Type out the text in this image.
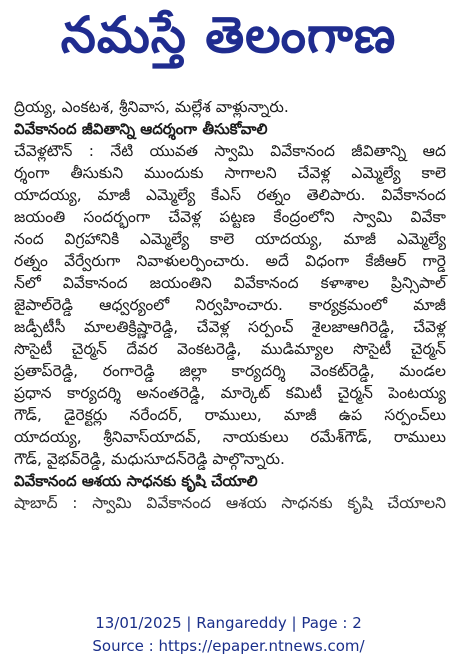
నమస్తే తెలంగాణ
ద్రియ్య, ఎంకటశ, శ్రీనివాస, మల్లేశ వాళ్లున్నారు.
వివేకానంద జీవితాన్ని ఆదర్శంగా తీసుకోవాలి
చేవెళ్లటౌన్ : నేటి యువత స్వామి వివేకానంద జీవితాన్ని ఆద
ర్శంగా తీసుకుని ముందుకు సాగాలని చేవెళ్ల ఎమ్మెల్యే కాలె
యాదయ్య, మాజీ ఎమ్మెల్యే కేఎస్ రత్నం తెలిపారు. వివేకానంద
జయంతి సందర్భంగా చేవెళ్ల పట్టణ కేంద్రంలోని స్వామి వివేకా
నంద విగ్రహానికి ఎమ్మెల్యే కాలె యాదయ్య, మాజీ ఎమ్మెల్యే
రత్నం వేర్వేరుగా నివాళులర్పించారు. అదే విధంగా కేజీఆర్ గార్డె
న్‌లో వివేకానంద జయంతిని వివేకానంద కళాశాల ప్రిన్సిపాల్
జైపాల్‌రెడ్డి ఆధ్వర్యంలో నిర్వహించారు. కార్యక్రమంలో మాజీ
జడ్పీటీసీ మాలతిక్రిష్ణారెడ్డి, చేవెళ్ల సర్పంచ్ శైలజాఆగిరెడ్డి, చేవెళ్ల
సొసైటీ చైర్మన్ దేవర వెంకటరెడ్డి, ముడిమ్యాల సొసైటీ చైర్మన్
ప్రతాప్‌రెడ్డి, రంగారెడ్డి జిల్లా కార్యదర్శి వెంకట్‌రెడ్డి, మండల
ప్రధాన కార్యదర్శి అనంతరెడ్డి, మార్కెట్ కమిటీ చైర్మన్ పెంటయ్య
గౌడ్, డైరెక్టర్లు నరేందర్, రాములు, మాజీ ఉప సర్పంచ్‌లు
యాదయ్య, శ్రీనివాస్‌యాదవ్, నాయకులు రమేశ్‌గౌడ్, రాములు
గౌడ్, వైభవ్‌రెడ్డి, మధుసూదన్‌రెడ్డి పాల్గొన్నారు.
వివేకానంద ఆశయ సాధనకు కృషి చేయాలి
షాబాద్ : స్వామి వివేకానంద ఆశయ సాధనకు కృషి చేయాలని
13/01/2025 | Rangareddy | Page : 2
Source : https://epaper.ntnews.com/
